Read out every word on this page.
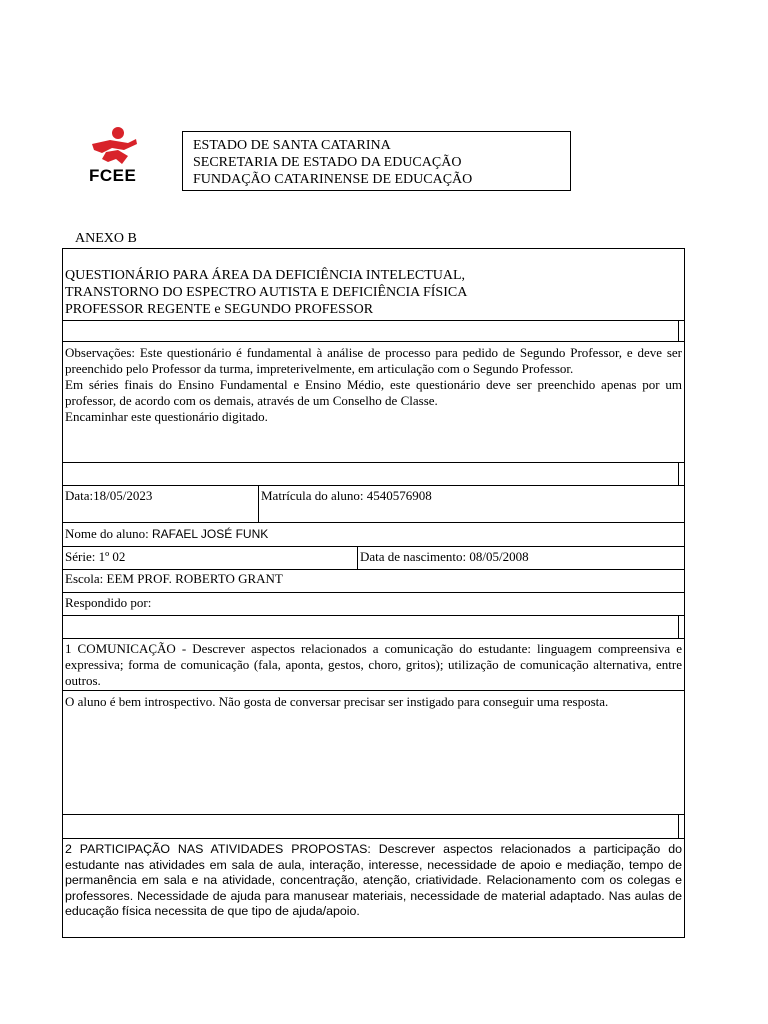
FCEE
ESTADO DE SANTA CATARINA
SECRETARIA DE ESTADO DA EDUCAÇÃO
FUNDAÇÃO CATARINENSE DE EDUCAÇÃO
ANEXO B
QUESTIONÁRIO PARA ÁREA DA DEFICIÊNCIA INTELECTUAL,
TRANSTORNO DO ESPECTRO AUTISTA E DEFICIÊNCIA FÍSICA
PROFESSOR REGENTE e SEGUNDO PROFESSOR
Observações: Este questionário é fundamental à análise de processo para pedido de Segundo Professor, e deve ser preenchido pelo Professor da turma, impreterivelmente, em articulação com o Segundo Professor.
Em séries finais do Ensino Fundamental e Ensino Médio, este questionário deve ser preenchido apenas por um professor, de acordo com os demais, através de um Conselho de Classe.
Encaminhar este questionário digitado.
Data:18/05/2023	Matrícula do aluno: 4540576908
Nome do aluno: RAFAEL JOSÉ FUNK
Série: 1º 02	Data de nascimento: 08/05/2008
Escola: EEM PROF. ROBERTO GRANT
Respondido por:
1 COMUNICAÇÃO - Descrever aspectos relacionados a comunicação do estudante: linguagem compreensiva e expressiva; forma de comunicação (fala, aponta, gestos, choro, gritos); utilização de comunicação alternativa, entre outros.
O aluno é bem introspectivo. Não gosta de conversar precisar ser instigado para conseguir uma resposta.
2 PARTICIPAÇÃO NAS ATIVIDADES PROPOSTAS: Descrever aspectos relacionados a participação do estudante nas atividades em sala de aula, interação, interesse, necessidade de apoio e mediação, tempo de permanência em sala e na atividade, concentração, atenção, criatividade. Relacionamento com os colegas e professores. Necessidade de ajuda para manusear materiais, necessidade de material adaptado. Nas aulas de educação física necessita de que tipo de ajuda/apoio.
